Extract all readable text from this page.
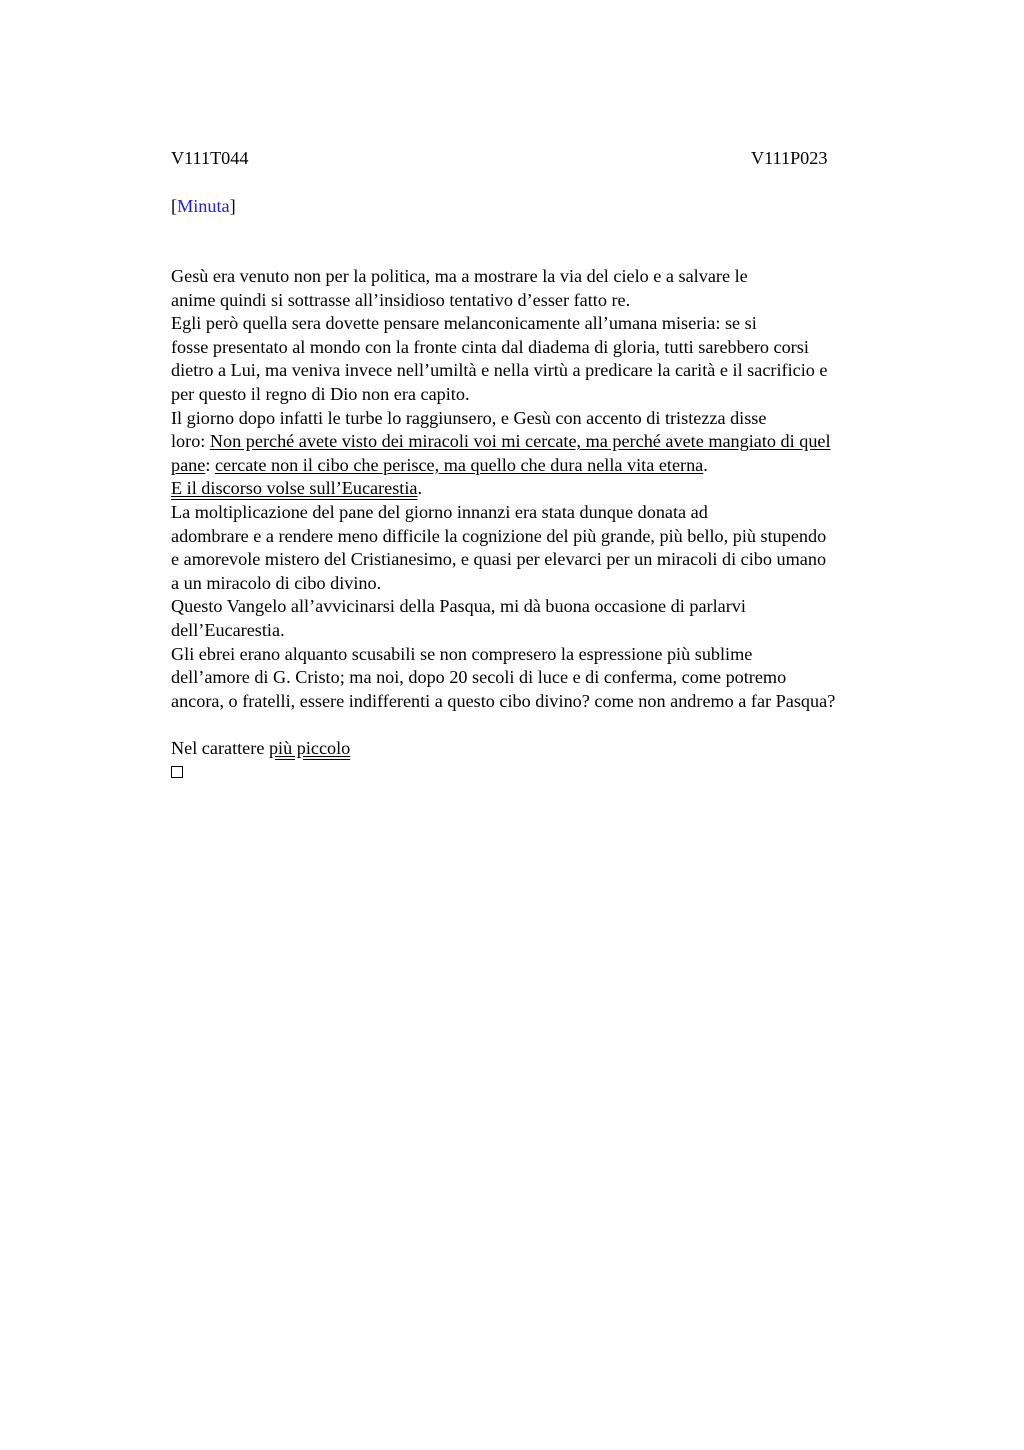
V111T044	V111P023
[Minuta]

Gesù era venuto non per la politica, ma a mostrare la via del cielo e a salvare le
anime quindi si sottrasse all’insidioso tentativo d’esser fatto re.

Egli però quella sera dovette pensare melanconicamente all’umana miseria: se si
fosse presentato al mondo con la fronte cinta dal diadema di gloria, tutti sarebbero corsi
dietro a Lui, ma veniva invece nell’umiltà e nella virtù a predicare la carità e il sacrificio e
per questo il regno di Dio non era capito.

Il giorno dopo infatti le turbe lo raggiunsero, e Gesù con accento di tristezza disse
loro: Non perché avete visto dei miracoli voi mi cercate, ma perché avete mangiato di quel
pane: cercate non il cibo che perisce, ma quello che dura nella vita eterna.

E il discorso volse sull’Eucarestia.

La moltiplicazione del pane del giorno innanzi era stata dunque donata ad
adombrare e a rendere meno difficile la cognizione del più grande, più bello, più stupendo
e amorevole mistero del Cristianesimo, e quasi per elevarci per un miracoli di cibo umano
a un miracolo di cibo divino.

Questo Vangelo all’avvicinarsi della Pasqua, mi dà buona occasione di parlarvi
dell’Eucarestia.

Gli ebrei erano alquanto scusabili se non compresero la espressione più sublime
dell’amore di G. Cristo; ma noi, dopo 20 secoli di luce e di conferma, come potremo
ancora, o fratelli, essere indifferenti a questo cibo divino? come non andremo a far Pasqua?

Nel carattere più piccolo
